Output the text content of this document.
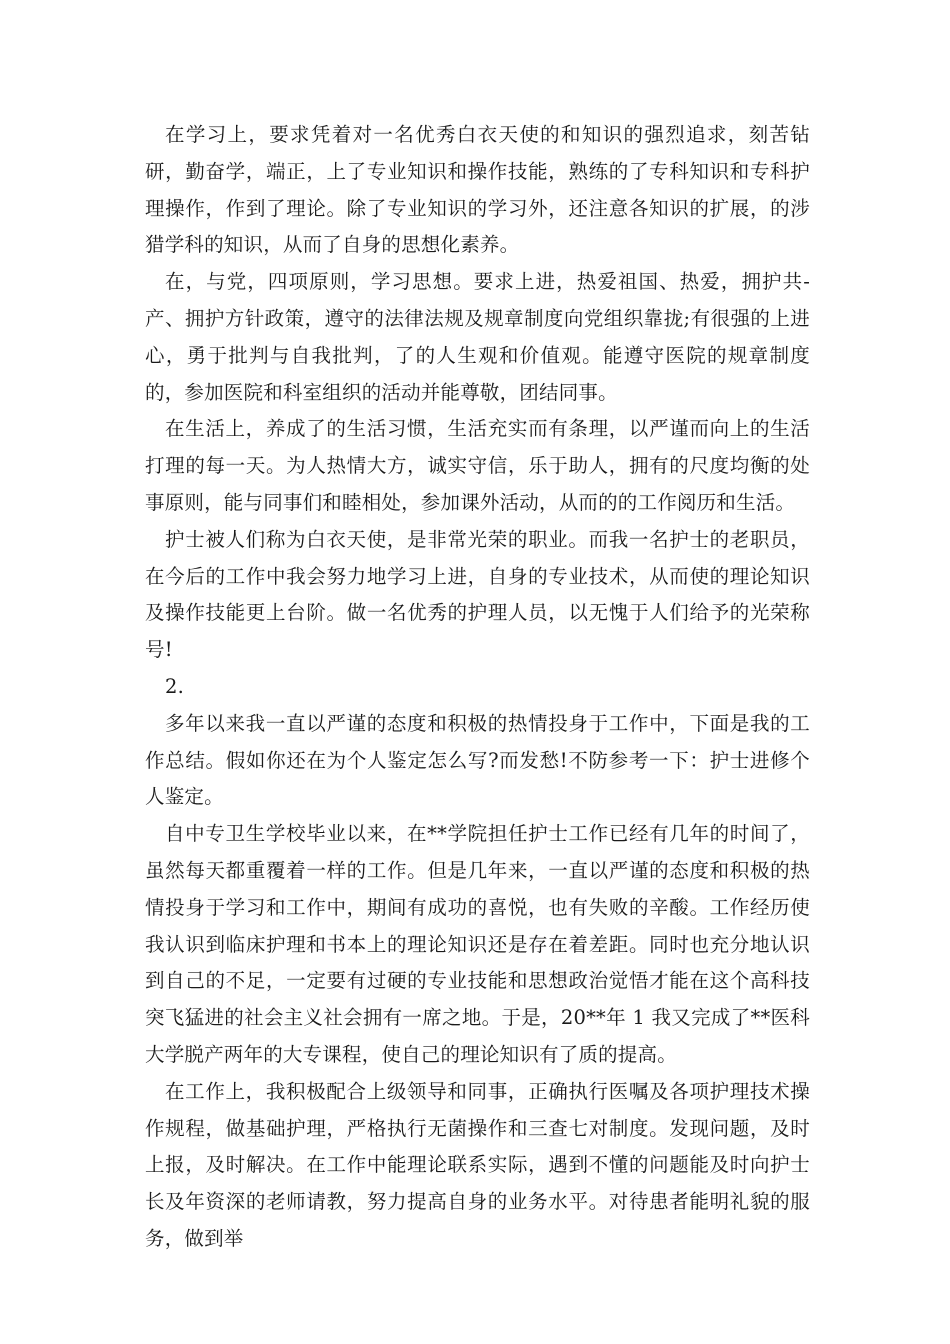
在学习上，要求凭着对一名优秀白衣天使的和知识的强烈追求，刻苦钻研，勤奋学，端正，上了专业知识和操作技能，熟练的了专科知识和专科护理操作，作到了理论。除了专业知识的学习外，还注意各知识的扩展，的涉猎学科的知识，从而了自身的思想化素养。

在，与党，四项原则，学习思想。要求上进，热爱祖国、热爱，拥护共-产、拥护方针政策，遵守的法律法规及规章制度向党组织靠拢;有很强的上进心，勇于批判与自我批判，了的人生观和价值观。能遵守医院的规章制度的，参加医院和科室组织的活动并能尊敬，团结同事。

在生活上，养成了的生活习惯，生活充实而有条理，以严谨而向上的生活打理的每一天。为人热情大方，诚实守信，乐于助人，拥有的尺度均衡的处事原则，能与同事们和睦相处，参加课外活动，从而的的工作阅历和生活。

护士被人们称为白衣天使，是非常光荣的职业。而我一名护士的老职员，在今后的工作中我会努力地学习上进，自身的专业技术，从而使的理论知识及操作技能更上台阶。做一名优秀的护理人员，以无愧于人们给予的光荣称号!

2.

多年以来我一直以严谨的态度和积极的热情投身于工作中，下面是我的工作总结。假如你还在为个人鉴定怎么写?而发愁!不防参考一下：护士进修个人鉴定。

自中专卫生学校毕业以来，在**学院担任护士工作已经有几年的时间了，虽然每天都重覆着一样的工作。但是几年来，一直以严谨的态度和积极的热情投身于学习和工作中，期间有成功的喜悦，也有失败的辛酸。工作经历使我认识到临床护理和书本上的理论知识还是存在着差距。同时也充分地认识到自己的不足，一定要有过硬的专业技能和思想政治觉悟才能在这个高科技突飞猛进的社会主义社会拥有一席之地。于是，20**年 1 我又完成了**医科大学脱产两年的大专课程，使自己的理论知识有了质的提高。

在工作上，我积极配合上级领导和同事，正确执行医嘱及各项护理技术操作规程，做基础护理，严格执行无菌操作和三查七对制度。发现问题，及时上报，及时解决。在工作中能理论联系实际，遇到不懂的问题能及时向护士长及年资深的老师请教，努力提高自身的业务水平。对待患者能明礼貌的服务，做到举
